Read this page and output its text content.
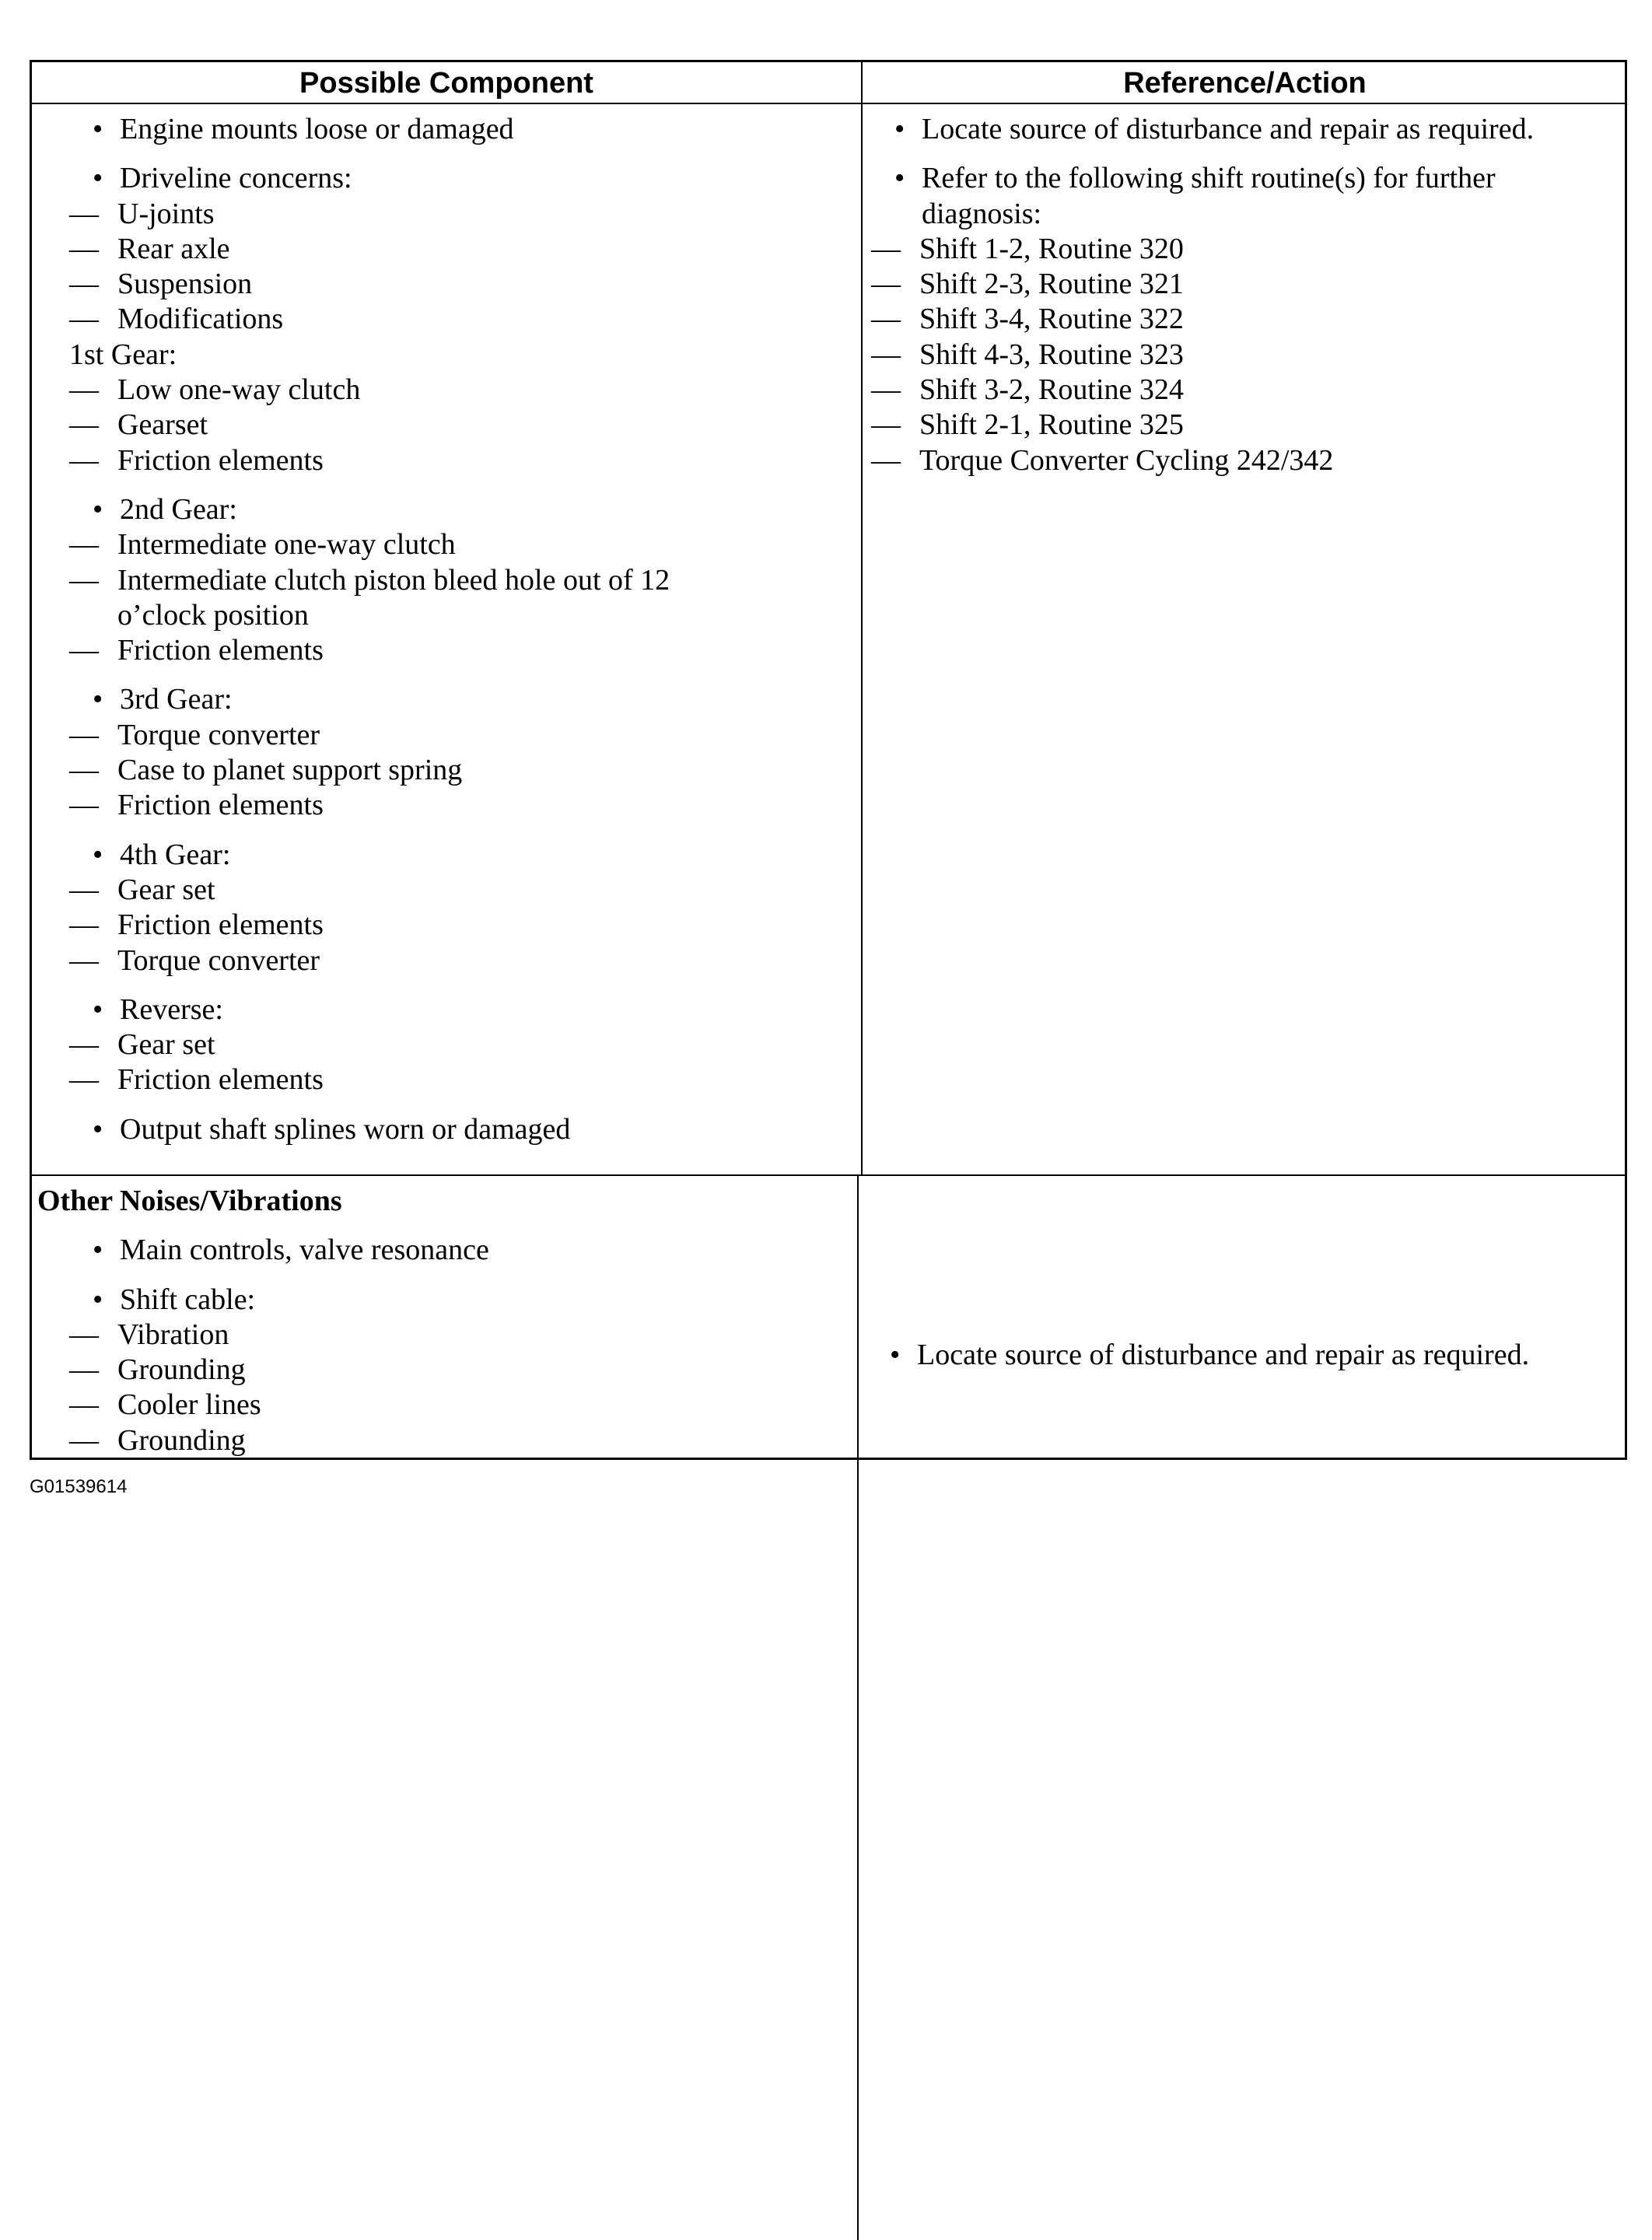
Possible Component	Reference/Action
• Engine mounts loose or damaged
• Driveline concerns:
— U-joints
— Rear axle
— Suspension
— Modifications
1st Gear:
— Low one-way clutch
— Gearset
— Friction elements
• 2nd Gear:
— Intermediate one-way clutch
— Intermediate clutch piston bleed hole out of 12
o’clock position
— Friction elements
• 3rd Gear:
— Torque converter
— Case to planet support spring
— Friction elements
• 4th Gear:
— Gear set
— Friction elements
— Torque converter
• Reverse:
— Gear set
— Friction elements
• Output shaft splines worn or damaged
• Locate source of disturbance and repair as required.
• Refer to the following shift routine(s) for further
diagnosis:
— Shift 1-2, Routine 320
— Shift 2-3, Routine 321
— Shift 3-4, Routine 322
— Shift 4-3, Routine 323
— Shift 3-2, Routine 324
— Shift 2-1, Routine 325
— Torque Converter Cycling 242/342
Other Noises/Vibrations
• Main controls, valve resonance
• Shift cable:
— Vibration
— Grounding
— Cooler lines
— Grounding
• Locate source of disturbance and repair as required.
G01539614
